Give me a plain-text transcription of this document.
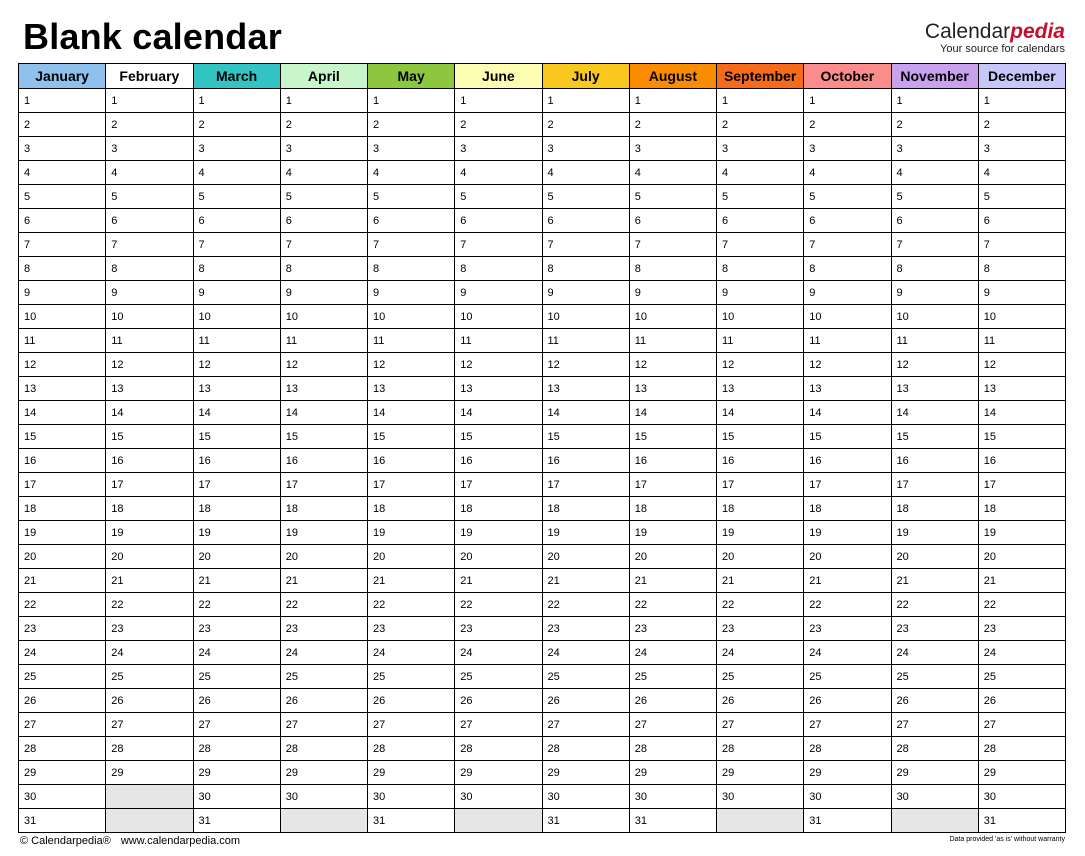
Blank calendar	Calendarpedia
Your source for calendars
January	February	March	April	May	June	July	August	September	October	November	December
1	1	1	1	1	1	1	1	1	1	1	1
2	2	2	2	2	2	2	2	2	2	2	2
3	3	3	3	3	3	3	3	3	3	3	3
4	4	4	4	4	4	4	4	4	4	4	4
5	5	5	5	5	5	5	5	5	5	5	5
6	6	6	6	6	6	6	6	6	6	6	6
7	7	7	7	7	7	7	7	7	7	7	7
8	8	8	8	8	8	8	8	8	8	8	8
9	9	9	9	9	9	9	9	9	9	9	9
10	10	10	10	10	10	10	10	10	10	10	10
11	11	11	11	11	11	11	11	11	11	11	11
12	12	12	12	12	12	12	12	12	12	12	12
13	13	13	13	13	13	13	13	13	13	13	13
14	14	14	14	14	14	14	14	14	14	14	14
15	15	15	15	15	15	15	15	15	15	15	15
16	16	16	16	16	16	16	16	16	16	16	16
17	17	17	17	17	17	17	17	17	17	17	17
18	18	18	18	18	18	18	18	18	18	18	18
19	19	19	19	19	19	19	19	19	19	19	19
20	20	20	20	20	20	20	20	20	20	20	20
21	21	21	21	21	21	21	21	21	21	21	21
22	22	22	22	22	22	22	22	22	22	22	22
23	23	23	23	23	23	23	23	23	23	23	23
24	24	24	24	24	24	24	24	24	24	24	24
25	25	25	25	25	25	25	25	25	25	25	25
26	26	26	26	26	26	26	26	26	26	26	26
27	27	27	27	27	27	27	27	27	27	27	27
28	28	28	28	28	28	28	28	28	28	28	28
29	29	29	29	29	29	29	29	29	29	29	29
30		30	30	30	30	30	30	30	30	30	30
31		31		31		31	31		31		31
© Calendarpedia® www.calendarpedia.com	Data provided 'as is' without warranty
